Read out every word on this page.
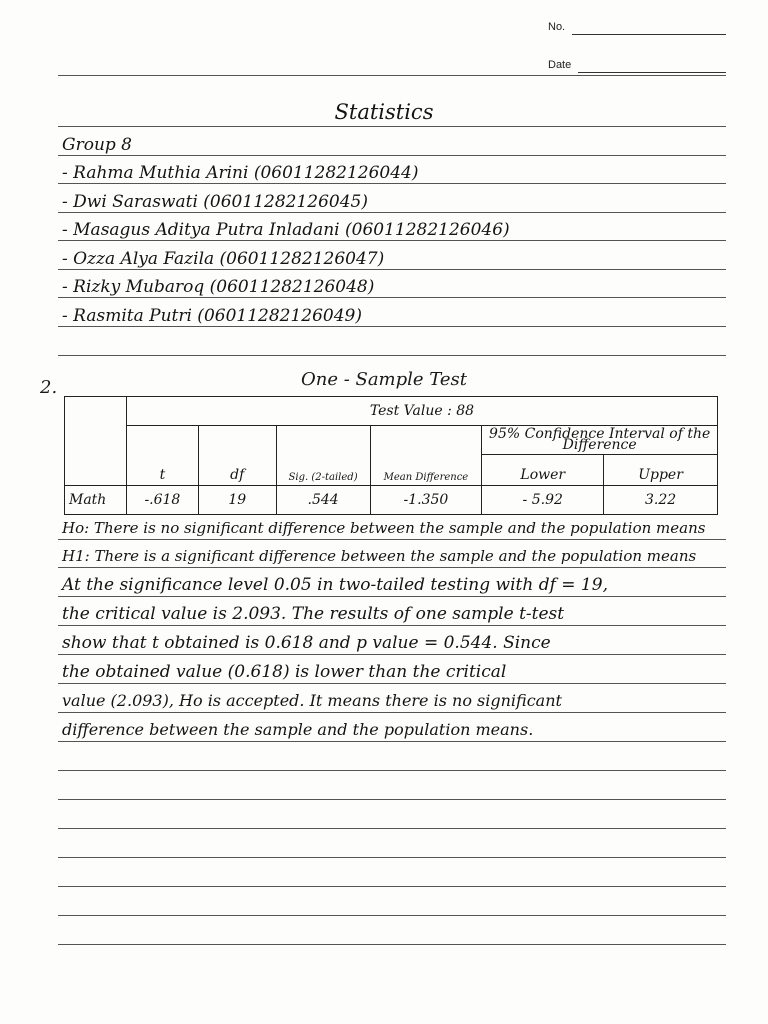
No.
Date
Statistics
Group 8
- Rahma Muthia Arini (06011282126044)
- Dwi Saraswati (06011282126045)
- Masagus Aditya Putra Inladani (06011282126046)
- Ozza Alya Fazila (06011282126047)
- Rizky Mubaroq (06011282126048)
- Rasmita Putri (06011282126049)
2.	One - Sample Test
	Test Value : 88					
	t	df	Sig. (2-tailed)	Mean Difference	95% Confidence Interval of the Difference	
					Lower	Upper
Math	-.618	19	.544	-1.350	- 5.92	3.22
Ho: There is no significant difference between the sample and the population means
H1: There is a significant difference between the sample and the population means
At the significance level 0.05 in two-tailed testing with df = 19,
the critical value is 2.093. The results of one sample t-test
show that t obtained is 0.618 and p value = 0.544. Since
the obtained value (0.618) is lower than the critical
value (2.093), Ho is accepted. It means there is no significant
difference between the sample and the population means.
